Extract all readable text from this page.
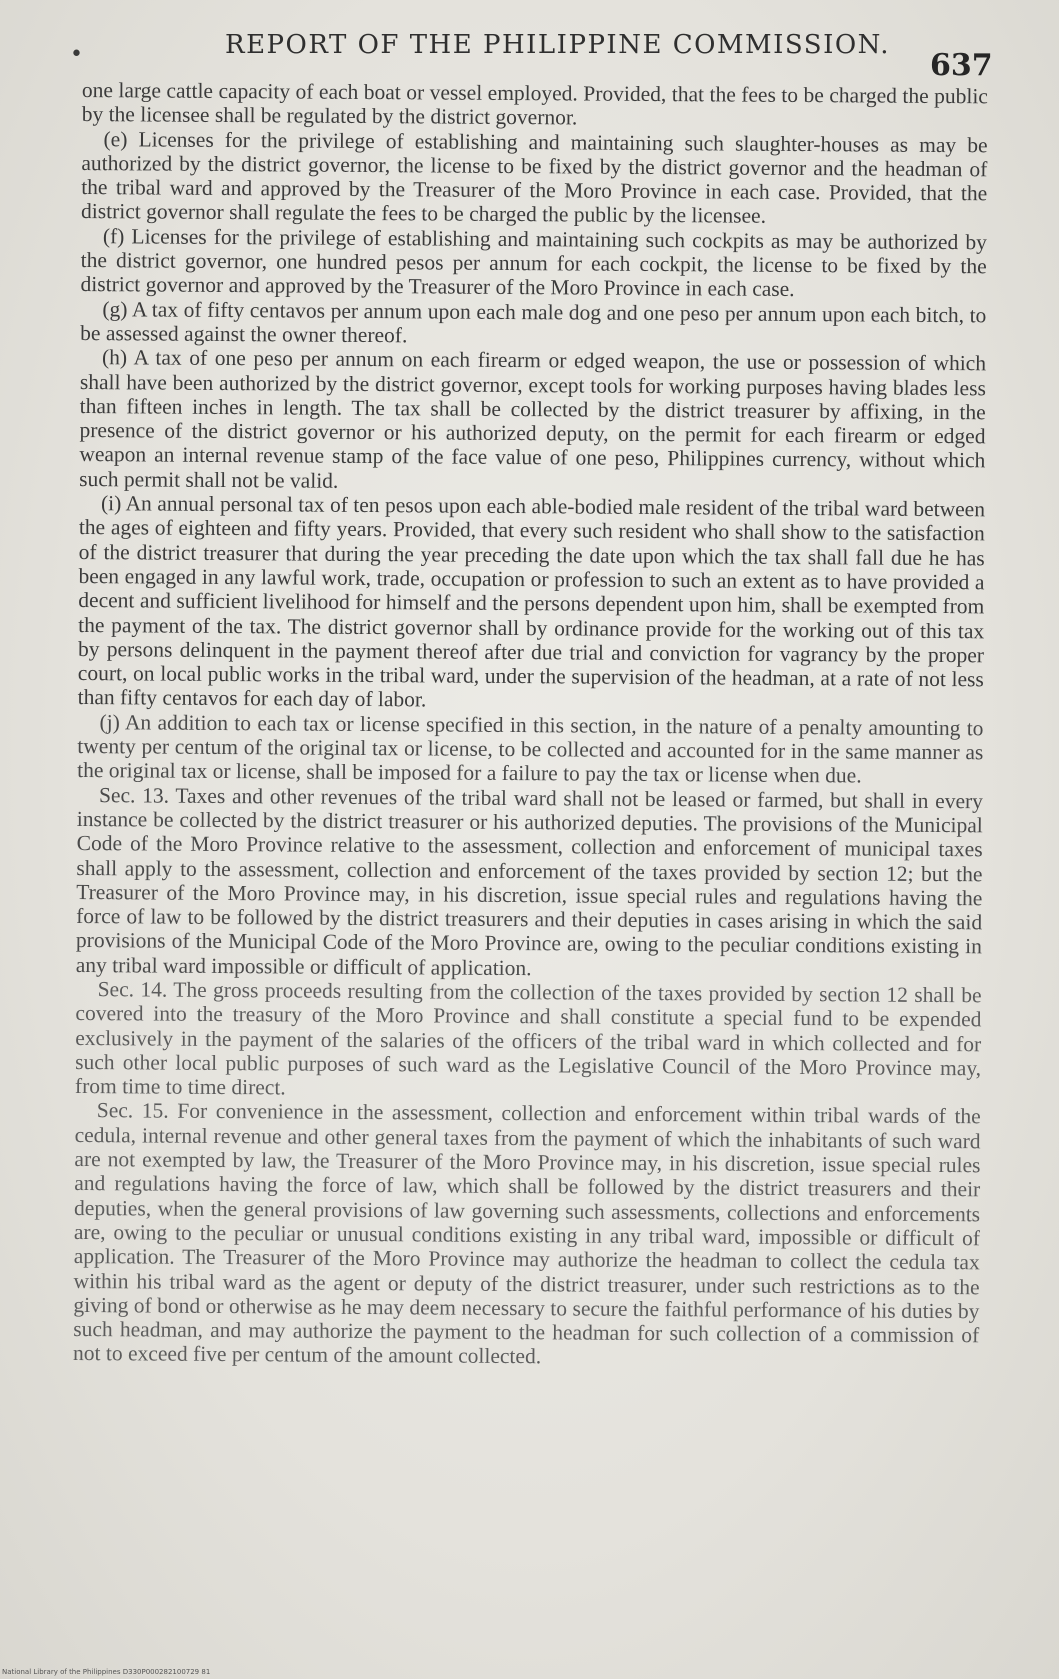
•	REPORT OF THE PHILIPPINE COMMISSION.
637

one large cattle capacity of each boat or vessel employed. Provided, that the fees to be charged the public by the licensee shall be regulated by the district governor.

(e) Licenses for the privilege of establishing and maintaining such slaughter-houses as may be authorized by the district governor, the license to be fixed by the district governor and the headman of the tribal ward and approved by the Treasurer of the Moro Province in each case. Provided, that the district governor shall regulate the fees to be charged the public by the licensee.

(f) Licenses for the privilege of establishing and maintaining such cockpits as may be authorized by the district governor, one hundred pesos per annum for each cockpit, the license to be fixed by the district governor and approved by the Treasurer of the Moro Province in each case.

(g) A tax of fifty centavos per annum upon each male dog and one peso per annum upon each bitch, to be assessed against the owner thereof.

(h) A tax of one peso per annum on each firearm or edged weapon, the use or possession of which shall have been authorized by the district governor, except tools for working purposes having blades less than fifteen inches in length. The tax shall be collected by the district treasurer by affixing, in the presence of the district governor or his authorized deputy, on the permit for each firearm or edged weapon an internal revenue stamp of the face value of one peso, Philippines currency, without which such permit shall not be valid.

(i) An annual personal tax of ten pesos upon each able-bodied male resident of the tribal ward between the ages of eighteen and fifty years. Provided, that every such resident who shall show to the satisfaction of the district treasurer that during the year preceding the date upon which the tax shall fall due he has been engaged in any lawful work, trade, occupation or profession to such an extent as to have provided a decent and sufficient livelihood for himself and the persons dependent upon him, shall be exempted from the payment of the tax. The district governor shall by ordinance provide for the working out of this tax by persons delinquent in the payment thereof after due trial and conviction for vagrancy by the proper court, on local public works in the tribal ward, under the supervision of the headman, at a rate of not less than fifty centavos for each day of labor.

(j) An addition to each tax or license specified in this section, in the nature of a penalty amounting to twenty per centum of the original tax or license, to be collected and accounted for in the same manner as the original tax or license, shall be imposed for a failure to pay the tax or license when due.

Sec. 13. Taxes and other revenues of the tribal ward shall not be leased or farmed, but shall in every instance be collected by the district treasurer or his authorized deputies. The provisions of the Municipal Code of the Moro Province relative to the assessment, collection and enforcement of municipal taxes shall apply to the assessment, collection and enforcement of the taxes provided by section 12; but the Treasurer of the Moro Province may, in his discretion, issue special rules and regulations having the force of law to be followed by the district treasurers and their deputies in cases arising in which the said provisions of the Municipal Code of the Moro Province are, owing to the peculiar conditions existing in any tribal ward impossible or difficult of application.

Sec. 14. The gross proceeds resulting from the collection of the taxes provided by section 12 shall be covered into the treasury of the Moro Province and shall constitute a special fund to be expended exclusively in the payment of the salaries of the officers of the tribal ward in which collected and for such other local public purposes of such ward as the Legislative Council of the Moro Province may, from time to time direct.

Sec. 15. For convenience in the assessment, collection and enforcement within tribal wards of the cedula, internal revenue and other general taxes from the payment of which the inhabitants of such ward are not exempted by law, the Treasurer of the Moro Province may, in his discretion, issue special rules and regulations having the force of law, which shall be followed by the district treasurers and their deputies, when the general provisions of law governing such assessments, collections and enforcements are, owing to the peculiar or unusual conditions existing in any tribal ward, impossible or difficult of application. The Treasurer of the Moro Province may authorize the headman to collect the cedula tax within his tribal ward as the agent or deputy of the district treasurer, under such restrictions as to the giving of bond or otherwise as he may deem necessary to secure the faithful performance of his duties by such headman, and may authorize the payment to the headman for such collection of a commission of not to exceed five per centum of the amount collected.

National Library of the Philippines D330P000282100729 81
